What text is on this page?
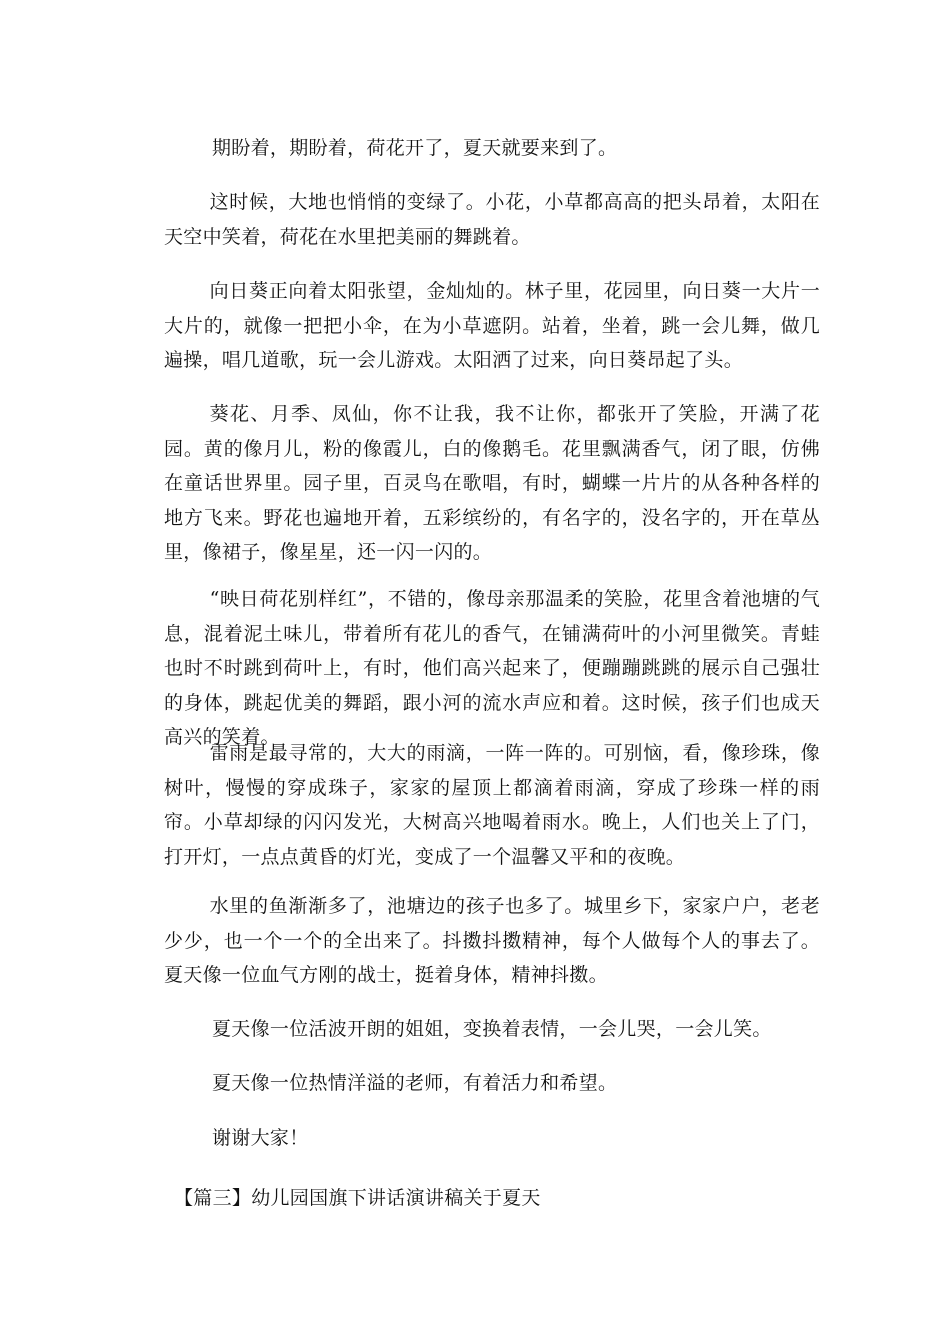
期盼着，期盼着，荷花开了，夏天就要来到了。

这时候，大地也悄悄的变绿了。小花，小草都高高的把头昂着，太阳在天空中笑着，荷花在水里把美丽的舞跳着。

向日葵正向着太阳张望，金灿灿的。林子里，花园里，向日葵一大片一大片的，就像一把把小伞，在为小草遮阴。站着，坐着，跳一会儿舞，做几遍操，唱几道歌，玩一会儿游戏。太阳洒了过来，向日葵昂起了头。

葵花、月季、凤仙，你不让我，我不让你，都张开了笑脸，开满了花园。黄的像月儿，粉的像霞儿，白的像鹅毛。花里飘满香气，闭了眼，仿佛在童话世界里。园子里，百灵鸟在歌唱，有时，蝴蝶一片片的从各种各样的地方飞来。野花也遍地开着，五彩缤纷的，有名字的，没名字的，开在草丛里，像裙子，像星星，还一闪一闪的。

“映日荷花别样红”，不错的，像母亲那温柔的笑脸，花里含着池塘的气息，混着泥土味儿，带着所有花儿的香气，在铺满荷叶的小河里微笑。青蛙也时不时跳到荷叶上，有时，他们高兴起来了，便蹦蹦跳跳的展示自己强壮的身体，跳起优美的舞蹈，跟小河的流水声应和着。这时候，孩子们也成天高兴的笑着。

雷雨是最寻常的，大大的雨滴，一阵一阵的。可别恼，看，像珍珠，像树叶，慢慢的穿成珠子，家家的屋顶上都滴着雨滴，穿成了珍珠一样的雨帘。小草却绿的闪闪发光，大树高兴地喝着雨水。晚上，人们也关上了门，打开灯，一点点黄昏的灯光，变成了一个温馨又平和的夜晚。

水里的鱼渐渐多了，池塘边的孩子也多了。城里乡下，家家户户，老老少少，也一个一个的全出来了。抖擞抖擞精神，每个人做每个人的事去了。夏天像一位血气方刚的战士，挺着身体，精神抖擞。

夏天像一位活波开朗的姐姐，变换着表情，一会儿哭，一会儿笑。

夏天像一位热情洋溢的老师，有着活力和希望。

谢谢大家！

【篇三】幼儿园国旗下讲话演讲稿关于夏天
